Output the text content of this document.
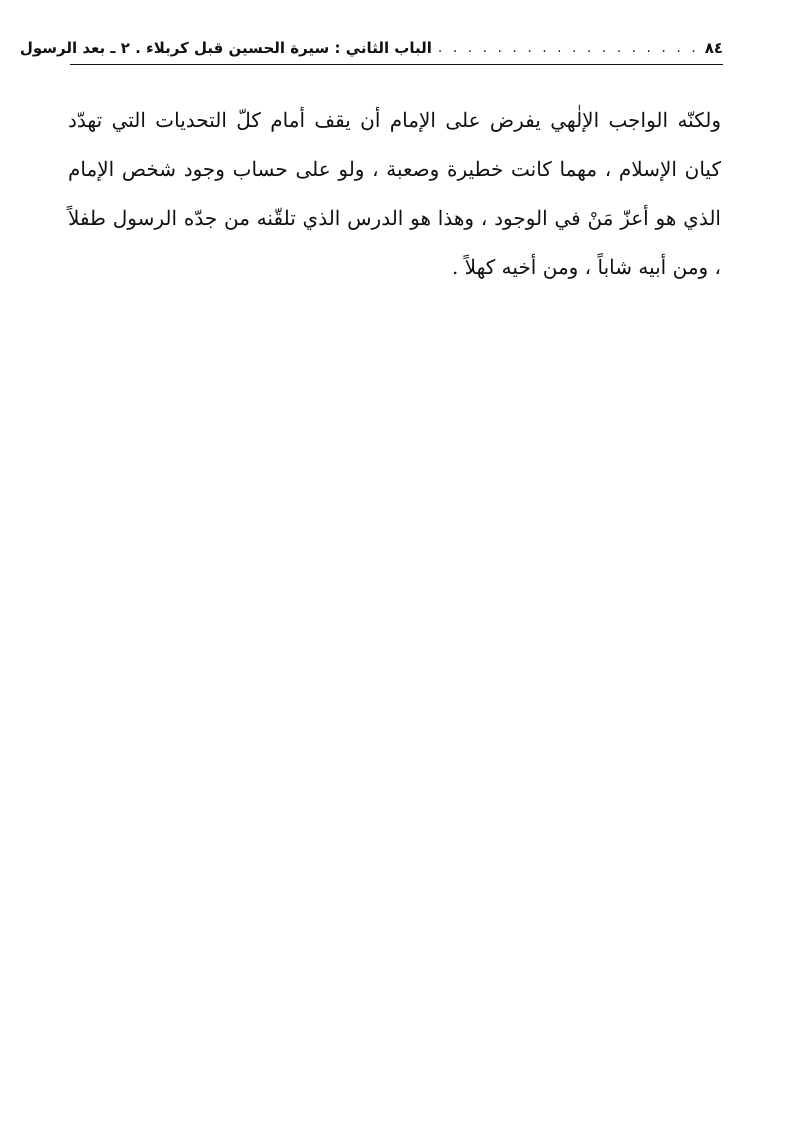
٨٤
. . . . . . . . . . . . . . . . . .
الباب الثاني : سيرة الحسين قبل كربلاء . ٢ ـ بعد الرسول

ولكنّه الواجب الإلٰهي يفرض على الإمام أن يقف أمام كلّ التحديات التي تهدّد كيان الإسلام ، مهما كانت خطيرة وصعبة ، ولو على حساب وجود شخص الإمام الذي هو أعزّ مَنْ في الوجود ، وهذا هو الدرس الذي تلقّنه من جدّه الرسول طفلاً ، ومن أبيه شاباً ، ومن أخيه كهلاً .
